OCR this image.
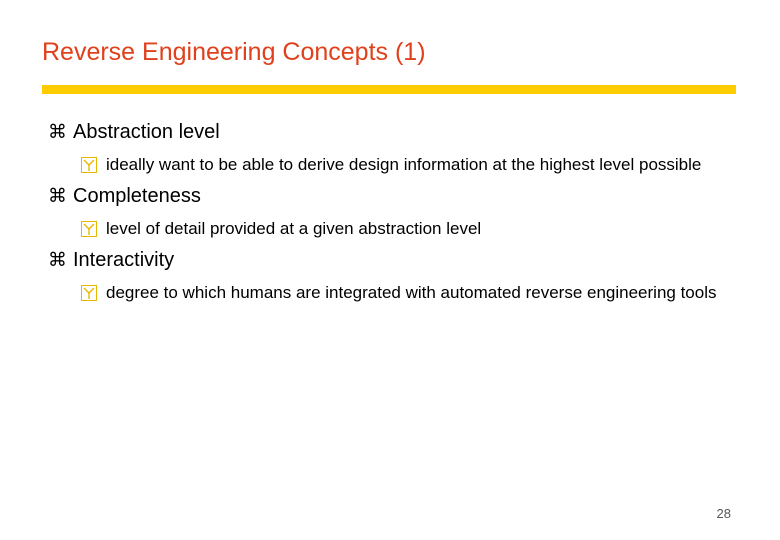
Reverse Engineering Concepts (1)
⌘ Abstraction level
ideally want to be able to derive design information at the highest level possible
⌘ Completeness
level of detail provided at a given abstraction level
⌘ Interactivity
degree to which humans are integrated with automated reverse engineering tools
28
